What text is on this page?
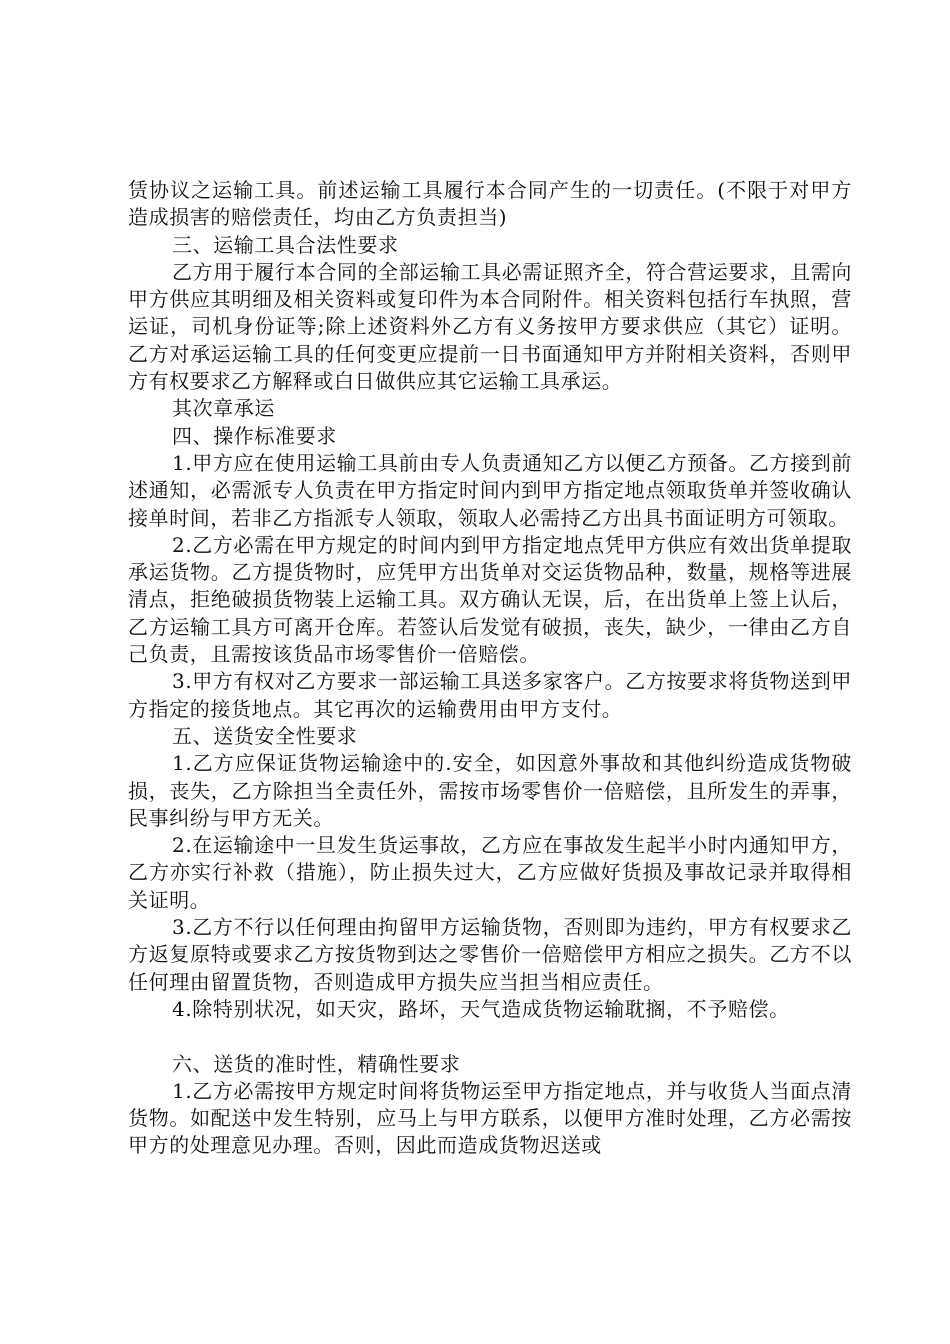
赁协议之运输工具。前述运输工具履行本合同产生的一切责任。(不限于对甲方造成损害的赔偿责任，均由乙方负责担当)

三、运输工具合法性要求

乙方用于履行本合同的全部运输工具必需证照齐全，符合营运要求，且需向甲方供应其明细及相关资料或复印件为本合同附件。相关资料包括行车执照，营运证，司机身份证等;除上述资料外乙方有义务按甲方要求供应（其它）证明。乙方对承运运输工具的任何变更应提前一日书面通知甲方并附相关资料，否则甲方有权要求乙方解释或白日做供应其它运输工具承运。

其次章承运

四、操作标准要求

1.甲方应在使用运输工具前由专人负责通知乙方以便乙方预备。乙方接到前述通知，必需派专人负责在甲方指定时间内到甲方指定地点领取货单并签收确认接单时间，若非乙方指派专人领取，领取人必需持乙方出具书面证明方可领取。

2.乙方必需在甲方规定的时间内到甲方指定地点凭甲方供应有效出货单提取承运货物。乙方提货物时，应凭甲方出货单对交运货物品种，数量，规格等进展清点，拒绝破损货物装上运输工具。双方确认无误，后，在出货单上签上认后，乙方运输工具方可离开仓库。若签认后发觉有破损，丧失，缺少，一律由乙方自己负责，且需按该货品市场零售价一倍赔偿。

3.甲方有权对乙方要求一部运输工具送多家客户。乙方按要求将货物送到甲方指定的接货地点。其它再次的运输费用由甲方支付。

五、送货安全性要求

1.乙方应保证货物运输途中的.安全，如因意外事故和其他纠纷造成货物破损，丧失，乙方除担当全责任外，需按市场零售价一倍赔偿，且所发生的弄事，民事纠纷与甲方无关。

2.在运输途中一旦发生货运事故，乙方应在事故发生起半小时内通知甲方，乙方亦实行补救（措施），防止损失过大，乙方应做好货损及事故记录并取得相关证明。

3.乙方不行以任何理由拘留甲方运输货物，否则即为违约，甲方有权要求乙方返复原特或要求乙方按货物到达之零售价一倍赔偿甲方相应之损失。乙方不以任何理由留置货物，否则造成甲方损失应当担当相应责任。

4.除特别状况，如天灾，路坏，天气造成货物运输耽搁，不予赔偿。

六、送货的准时性，精确性要求

1.乙方必需按甲方规定时间将货物运至甲方指定地点，并与收货人当面点清货物。如配送中发生特别，应马上与甲方联系，以便甲方准时处理，乙方必需按甲方的处理意见办理。否则，因此而造成货物迟送或
